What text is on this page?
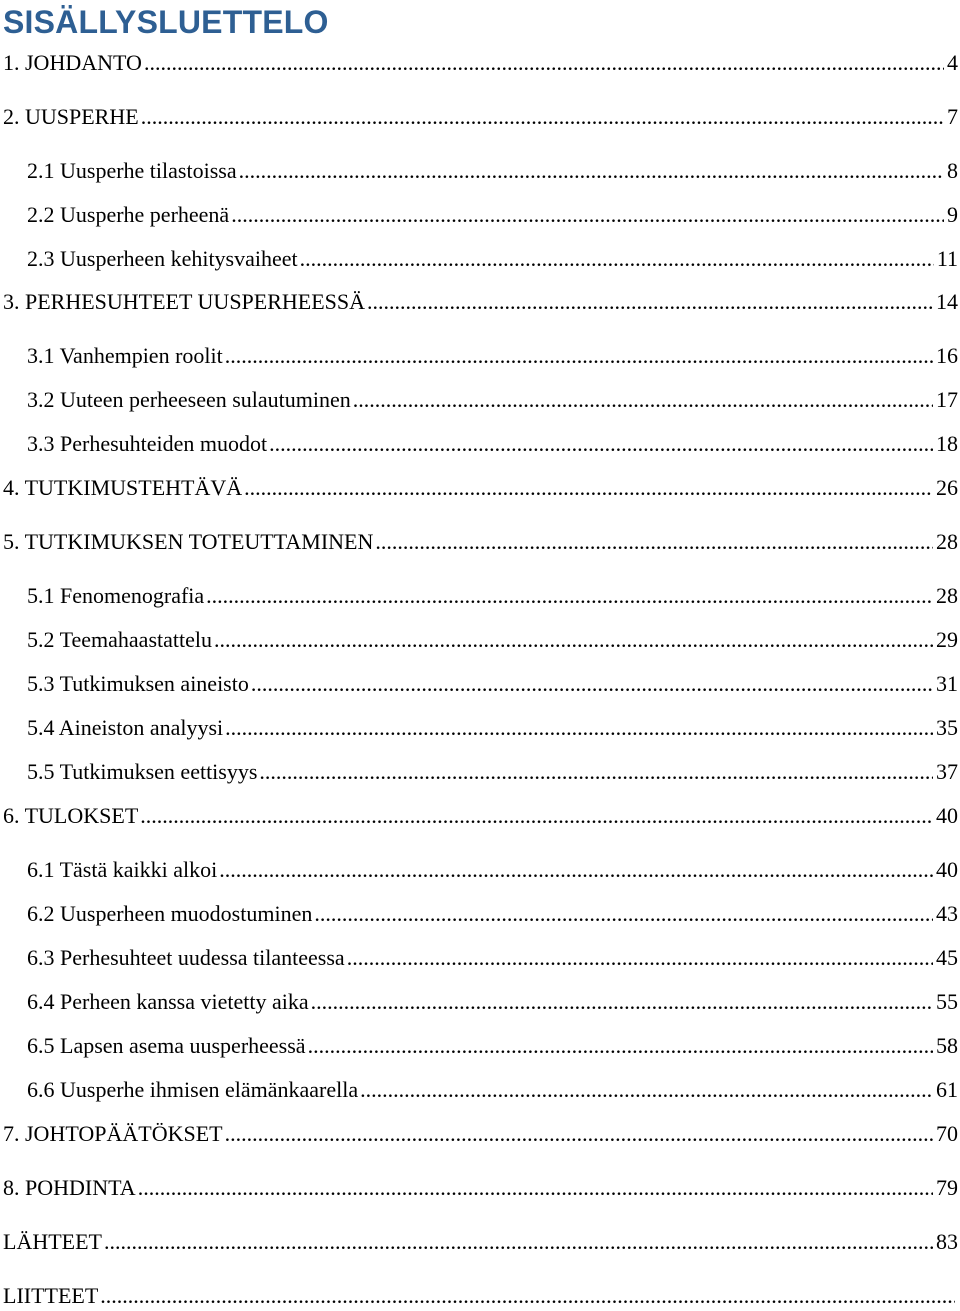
SISÄLLYSLUETTELO
1. JOHDANTO .....	4
2. UUSPERHE .....	7
2.1 Uusperhe tilastoissa .....	8
2.2 Uusperhe perheenä .....	9
2.3 Uusperheen kehitysvaiheet .....	11
3. PERHESUHTEET UUSPERHEESSÄ .....	14
3.1 Vanhempien roolit .....	16
3.2 Uuteen perheeseen sulautuminen .....	17
3.3 Perhesuhteiden muodot .....	18
4. TUTKIMUSTEHTÄVÄ .....	26
5. TUTKIMUKSEN TOTEUTTAMINEN .....	28
5.1 Fenomenografia .....	28
5.2 Teemahaastattelu .....	29
5.3 Tutkimuksen aineisto .....	31
5.4 Aineiston analyysi .....	35
5.5 Tutkimuksen eettisyys .....	37
6. TULOKSET .....	40
6.1 Tästä kaikki alkoi .....	40
6.2 Uusperheen muodostuminen .....	43
6.3 Perhesuhteet uudessa tilanteessa .....	45
6.4 Perheen kanssa vietetty aika .....	55
6.5 Lapsen asema uusperheessä .....	58
6.6 Uusperhe ihmisen elämänkaarella .....	61
7. JOHTOPÄÄTÖKSET .....	70
8. POHDINTA .....	79
LÄHTEET .....	83
LIITTEET
.....
